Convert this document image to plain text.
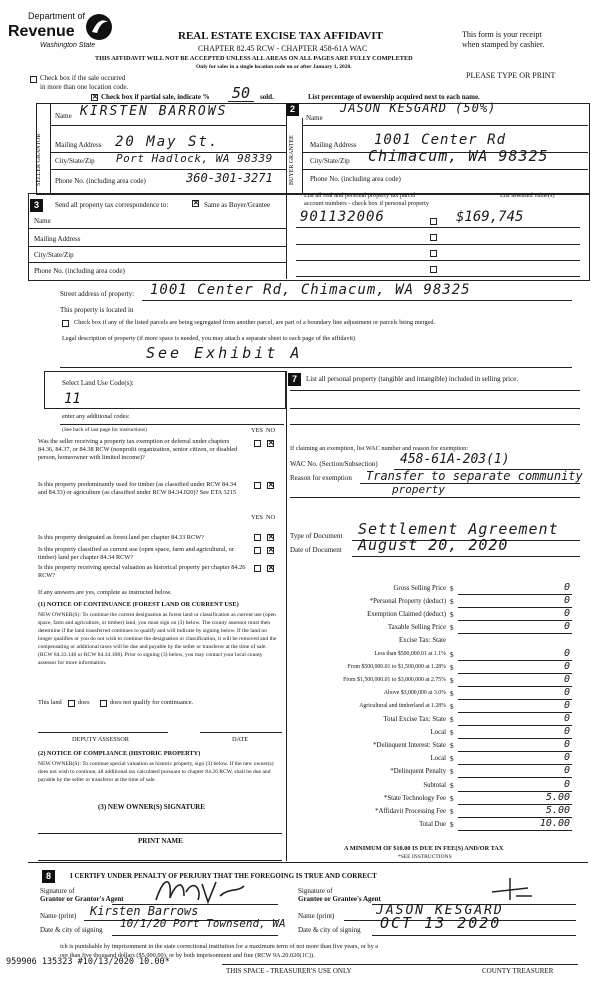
Department of
Revenue
Washington State
REAL ESTATE EXCISE TAX AFFIDAVIT
CHAPTER 82.45 RCW - CHAPTER 458-61A WAC
THIS AFFIDAVIT WILL NOT BE ACCEPTED UNLESS ALL AREAS ON ALL PAGES ARE FULLY COMPLETED
Only for sales in a single location code on or after January 1, 2020.
This form is your receipt
when stamped by cashier.
PLEASE TYPE OR PRINT
Check box if the sale occurred
in more than one location code.
✕ Check box if partial sale, indicate % 50 sold.	List percentage of ownership acquired next to each name.
2
SELLER GRANTOR
Name KIRSTEN BARROWS
Mailing Address 20 May St.
City/State/Zip Port Hadlock, WA 98339
Phone No. (including area code)	360-301-3271	BUYER GRANTEE
Name
JASON KESGARD (50%)
Mailing Address 1001 Center Rd
City/State/Zip Chimacum, WA 98325
Phone No. (including area code)
3	Send all property tax correspondence to:	✕ Same as Buyer/Grantee
List all real and personal property tax parcel
account numbers - check box if personal property
List assessed value(s)
Name
Mailing Address
City/State/Zip
Phone No. (including area code)
901132006	$169,745
Street address of property: 1001 Center Rd, Chimacum, WA 98325
This property is located in
Check box if any of the listed parcels are being segregated from another parcel, are part of a boundary line adjustment or parcels being merged.
Legal description of property (if more space is needed, you may attach a separate sheet to each page of the affidavit)
See Exhibit A
Select Land Use Code(s):
11
enter any additional codes:
(See back of last page for instructions)	YES NO
Was the seller receiving a property tax exemption or deferral under chapters 84.36, 84.37, or 84.38 RCW (nonprofit organization, senior citizen, or disabled person, homeowner with limited income)?
✕
Is this property predominantly used for timber (as classified under RCW 84.34 and 84.33) or agriculture (as classified under RCW 84.34.020)? See ETA 3215
✕
YES NO
Is this property designated as forest land per chapter 84.33 RCW?	✕
Is this property classified as current use (open space, farm and agricultural, or timber) land per chapter 84.34 RCW?
✕
Is this property receiving special valuation as historical property per chapter 84.26 RCW?
✕
If any answers are yes, complete as instructed below.
(1) NOTICE OF CONTINUANCE (FOREST LAND OR CURRENT USE)
NEW OWNER(S): To continue the current designation as forest land or classification as current use (open space, farm and agriculture, or timber) land, you must sign on (3) below. The county assessor must then determine if the land transferred continues to qualify and will indicate by signing below. If the land no longer qualifies or you do not wish to continue the designation or classification, it will be removed and the compensating or additional taxes will be due and payable by the seller or transferor at the time of sale. (RCW 84.33.140 or RCW 84.34.108). Prior to signing (3) below, you may contact your local county assessor for more information.
This land	does	does not qualify for continuance.
DEPUTY ASSESSOR	DATE
(2) NOTICE OF COMPLIANCE (HISTORIC PROPERTY)
NEW OWNER(S): To continue special valuation as historic property, sign (3) below. If the new owner(s) does not wish to continue, all additional tax calculated pursuant to chapter 84.26 RCW, shall be due and payable by the seller or transferor at the time of sale.
(3) NEW OWNER(S) SIGNATURE
PRINT NAME
7	List all personal property (tangible and intangible) included in selling price.
If claiming an exemption, list WAC number and reason for exemption:
WAC No. (Section/Subsection) 458-61A-203(1)
Reason for exemption Transfer to separate community
property
Type of Document Settlement Agreement
Date of Document August 20, 2020
Gross Selling Price $	0
*Personal Property (deduct) $	0
Exemption Claimed (deduct) $	0
Taxable Selling Price $	0
Excise Tax: State
Less than $500,000.01 at 1.1% $	0
From $500,000.01 to $1,500,000 at 1.28% $	0
From $1,500,000.01 to $3,000,000 at 2.75% $	0
Above $3,000,000 at 3.0% $	0
Agricultural and timberland at 1.28% $	0
Total Excise Tax: State $	0
Local $	0
*Delinquent Interest: State $	0
Local $	0
*Delinquent Penalty $	0
Subtotal $	0
*State Technology Fee $	5.00
*Affidavit Processing Fee $	5.00
Total Due $	10.00
A MINIMUM OF $10.00 IS DUE IN FEE(S) AND/OR TAX
*SEE INSTRUCTIONS
8	I CERTIFY UNDER PENALTY OF PERJURY THAT THE FOREGOING IS TRUE AND CORRECT
Signature of
Grantor or Grantor's Agent
Name (print) Kirsten Barrows
Date & city of signing 10/1/20 Port Townsend, WA
Signature of
Grantee or Grantee's Agent
Name (print)	JASON KESGARD
Date & city of signing OCT 13 2020
ich is punishable by imprisonment in the state correctional institution for a maximum term of not more than five years, or by a
ore than five thousand dollars ($5,000.00), or by both imprisonment and fine (RCW 9A.20.020(1C)).
959906 135323 #10/13/2020 10.00*
THIS SPACE - TREASURER'S USE ONLY	COUNTY TREASURER
